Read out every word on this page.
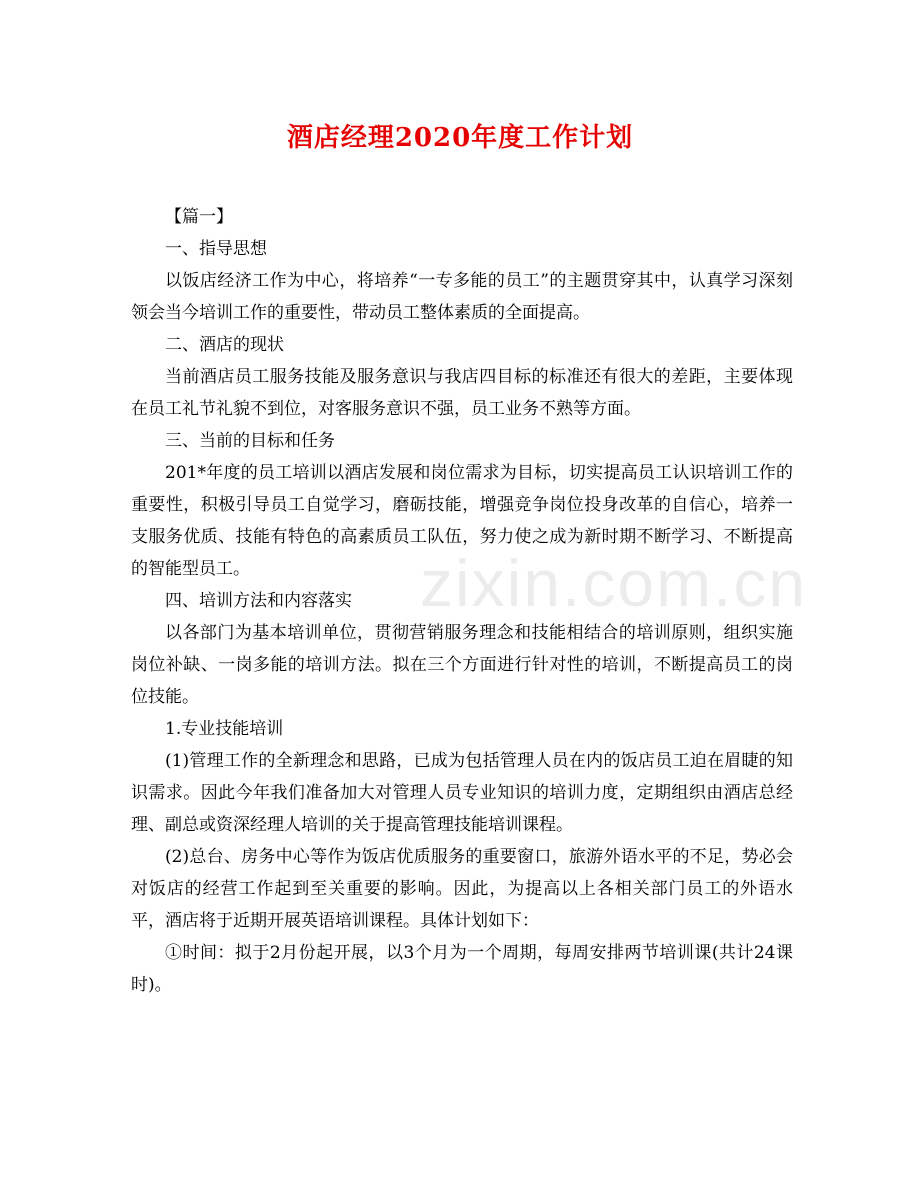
酒店经理2020年度工作计划
zixin.com.cn

【篇一】

一、指导思想

以饭店经济工作为中心，将培养“一专多能的员工”的主题贯穿其中，认真学习深刻领会当今培训工作的重要性，带动员工整体素质的全面提高。

二、酒店的现状

当前酒店员工服务技能及服务意识与我店四目标的标准还有很大的差距，主要体现在员工礼节礼貌不到位，对客服务意识不强，员工业务不熟等方面。

三、当前的目标和任务

201*年度的员工培训以酒店发展和岗位需求为目标，切实提高员工认识培训工作的重要性，积极引导员工自觉学习，磨砺技能，增强竞争岗位投身改革的自信心，培养一支服务优质、技能有特色的高素质员工队伍，努力使之成为新时期不断学习、不断提高的智能型员工。

四、培训方法和内容落实

以各部门为基本培训单位，贯彻营销服务理念和技能相结合的培训原则，组织实施岗位补缺、一岗多能的培训方法。拟在三个方面进行针对性的培训，不断提高员工的岗位技能。

1.专业技能培训

(1)管理工作的全新理念和思路，已成为包括管理人员在内的饭店员工迫在眉睫的知识需求。因此今年我们准备加大对管理人员专业知识的培训力度，定期组织由酒店总经理、副总或资深经理人培训的关于提高管理技能培训课程。

(2)总台、房务中心等作为饭店优质服务的重要窗口，旅游外语水平的不足，势必会对饭店的经营工作起到至关重要的影响。因此，为提高以上各相关部门员工的外语水平，酒店将于近期开展英语培训课程。具体计划如下：

①时间：拟于2月份起开展，以3个月为一个周期，每周安排两节培训课(共计24课时)。
